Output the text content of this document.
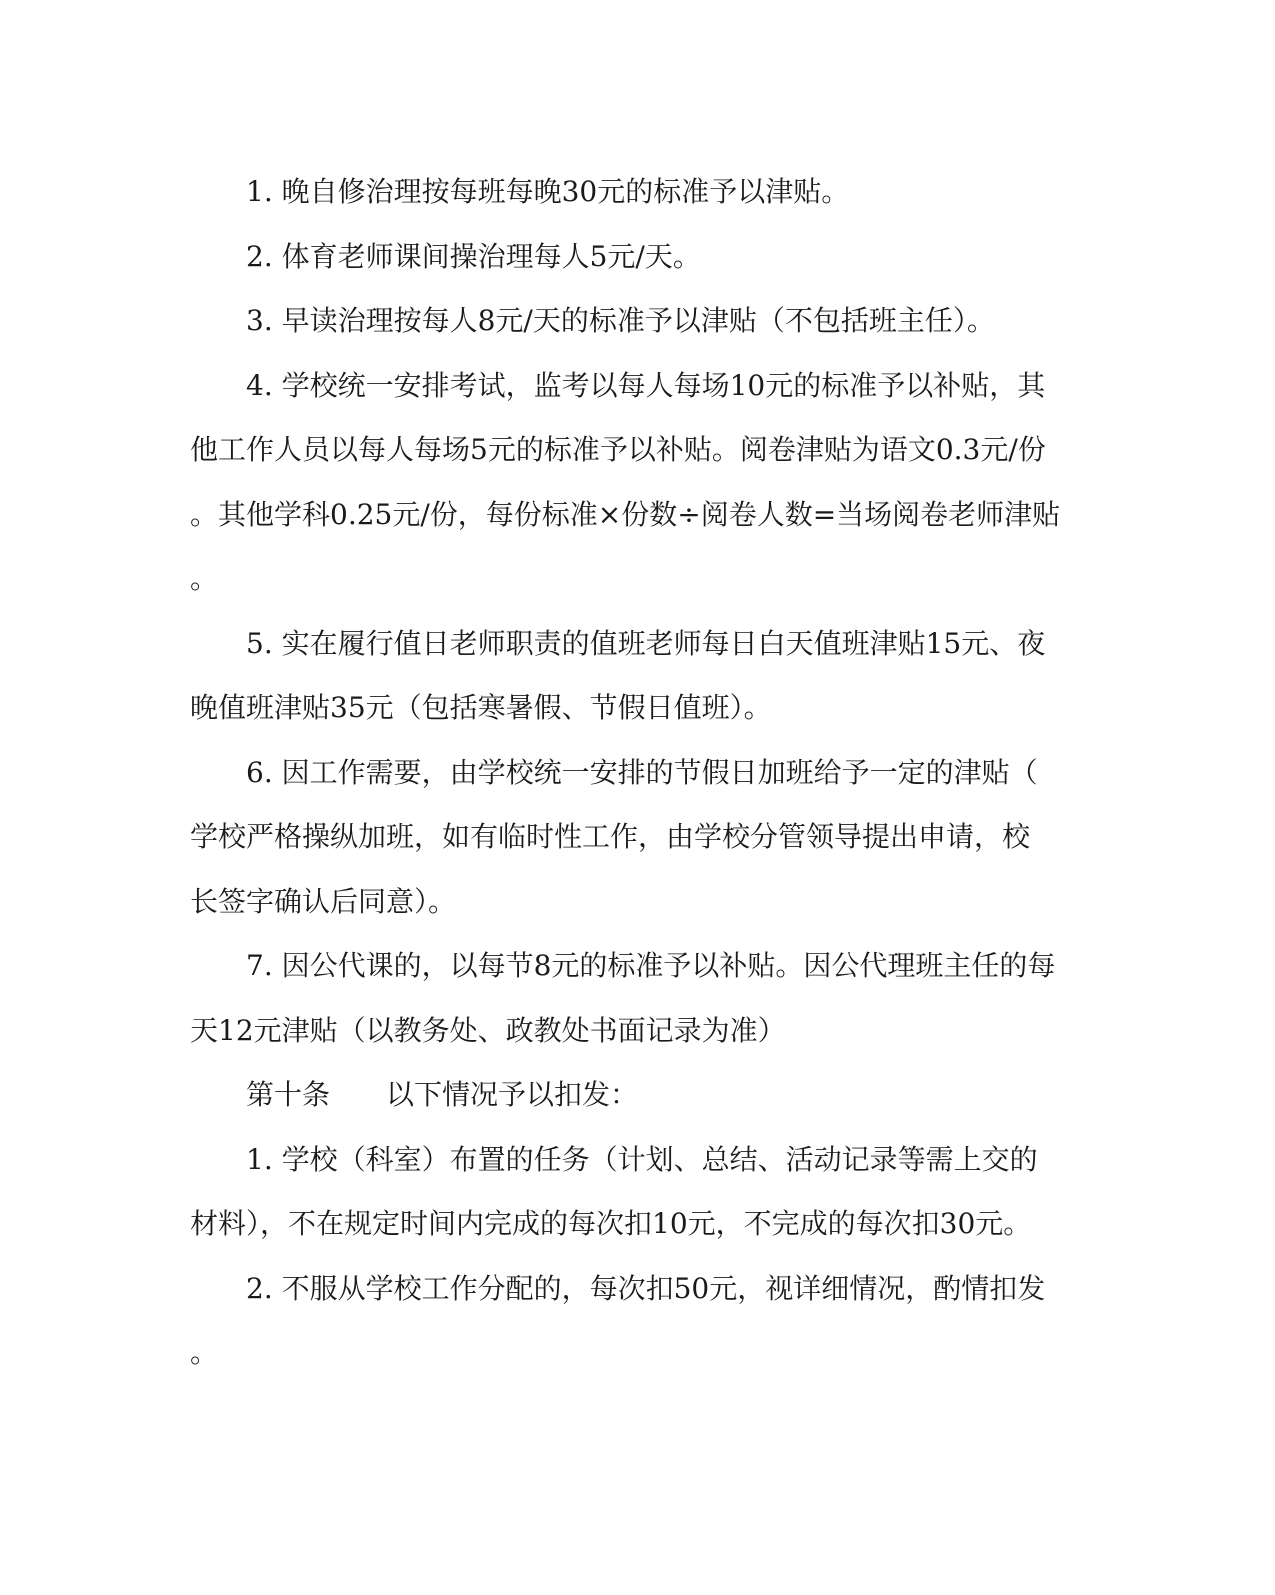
1. 晚自修治理按每班每晚30元的标准予以津贴。
2. 体育老师课间操治理每人5元/天。
3. 早读治理按每人8元/天的标准予以津贴（不包括班主任）。
4. 学校统一安排考试，监考以每人每场10元的标准予以补贴，其
他工作人员以每人每场5元的标准予以补贴。阅卷津贴为语文0.3元/份
。其他学科0.25元/份，每份标准×份数÷阅卷人数=当场阅卷老师津贴
。
5. 实在履行值日老师职责的值班老师每日白天值班津贴15元、夜
晚值班津贴35元（包括寒暑假、节假日值班）。
6. 因工作需要，由学校统一安排的节假日加班给予一定的津贴（
学校严格操纵加班，如有临时性工作，由学校分管领导提出申请，校
长签字确认后同意）。
7. 因公代课的，以每节8元的标准予以补贴。因公代理班主任的每
天12元津贴（以教务处、政教处书面记录为准）
第十条　　以下情况予以扣发：
1. 学校（科室）布置的任务（计划、总结、活动记录等需上交的
材料），不在规定时间内完成的每次扣10元，不完成的每次扣30元。
2. 不服从学校工作分配的，每次扣50元，视详细情况，酌情扣发
。
